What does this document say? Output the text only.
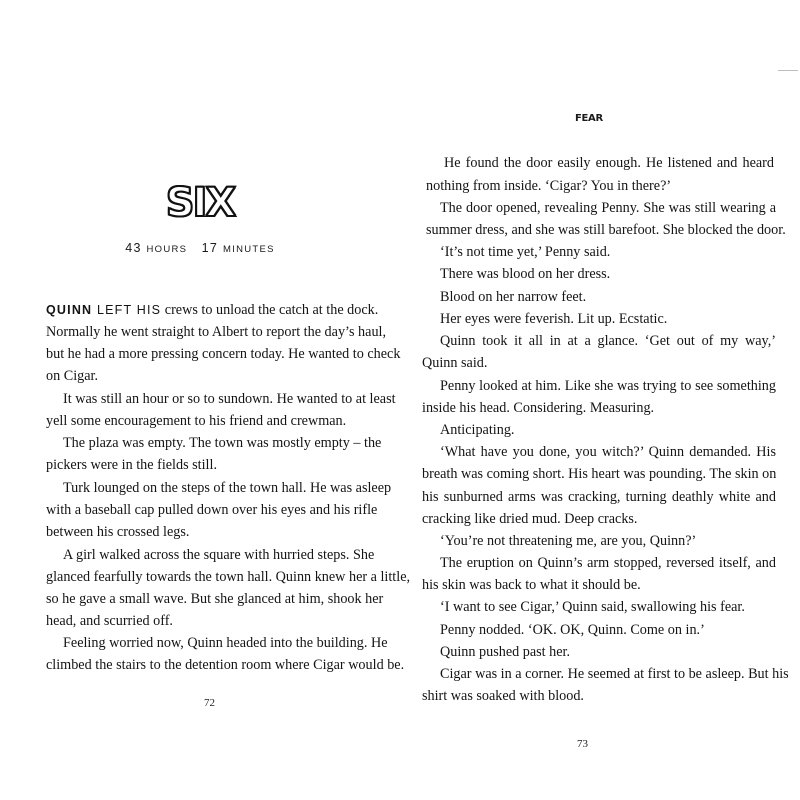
SIX
43 HOURS 17 MINUTES

QUINN LEFT HIS crews to unload the catch at the dock.

Normally he went straight to Albert to report the day’s haul,

but he had a more pressing concern today. He wanted to check

on Cigar.

It was still an hour or so to sundown. He wanted to at least

yell some encouragement to his friend and crewman.

The plaza was empty. The town was mostly empty – the

pickers were in the fields still.

Turk lounged on the steps of the town hall. He was asleep

with a baseball cap pulled down over his eyes and his rifle

between his crossed legs.

A girl walked across the square with hurried steps. She

glanced fearfully towards the town hall. Quinn knew her a little,

so he gave a small wave. But she glanced at him, shook her

head, and scurried off.

Feeling worried now, Quinn headed into the building. He

climbed the stairs to the detention room where Cigar would be.

72

He found the door easily enough. He listened and heard

nothing from inside. ‘Cigar? You in there?’

The door opened, revealing Penny. She was still wearing a

summer dress, and she was still barefoot. She blocked the door.

‘It’s not time yet,’ Penny said.

There was blood on her dress.

Blood on her narrow feet.

Her eyes were feverish. Lit up. Ecstatic.

Quinn took it all in at a glance. ‘Get out of my way,’

Quinn said.

Penny looked at him. Like she was trying to see something

inside his head. Considering. Measuring.

Anticipating.

‘What have you done, you witch?’ Quinn demanded. His

breath was coming short. His heart was pounding. The skin on

his sunburned arms was cracking, turning deathly white and

cracking like dried mud. Deep cracks.

‘You’re not threatening me, are you, Quinn?’

The eruption on Quinn’s arm stopped, reversed itself, and

his skin was back to what it should be.

‘I want to see Cigar,’ Quinn said, swallowing his fear.

Penny nodded. ‘OK. OK, Quinn. Come on in.’

Quinn pushed past her.

Cigar was in a corner. He seemed at first to be asleep. But his

shirt was soaked with blood.

73
FEAR
